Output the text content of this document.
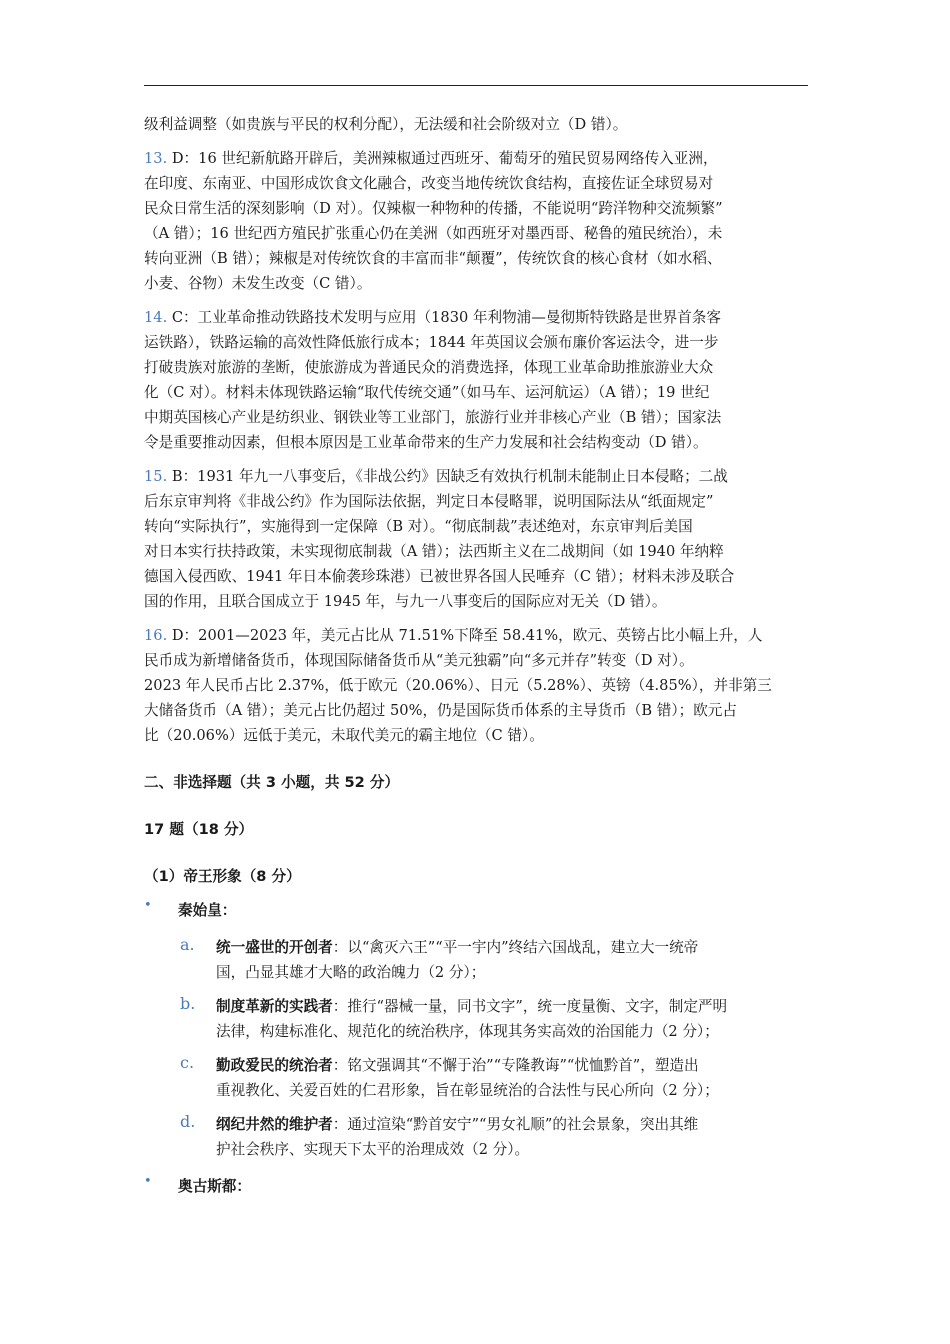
级利益调整（如贵族与平民的权利分配），无法缓和社会阶级对立（D 错）。

13. D：16 世纪新航路开辟后，美洲辣椒通过西班牙、葡萄牙的殖民贸易网络传入亚洲，

在印度、东南亚、中国形成饮食文化融合，改变当地传统饮食结构，直接佐证全球贸易对

民众日常生活的深刻影响（D 对）。仅辣椒一种物种的传播，不能说明“跨洋物种交流频繁”

（A 错）；16 世纪西方殖民扩张重心仍在美洲（如西班牙对墨西哥、秘鲁的殖民统治），未

转向亚洲（B 错）；辣椒是对传统饮食的丰富而非“颠覆”，传统饮食的核心食材（如水稻、

小麦、谷物）未发生改变（C 错）。

14. C：工业革命推动铁路技术发明与应用（1830 年利物浦—曼彻斯特铁路是世界首条客

运铁路），铁路运输的高效性降低旅行成本；1844 年英国议会颁布廉价客运法令，进一步

打破贵族对旅游的垄断，使旅游成为普通民众的消费选择，体现工业革命助推旅游业大众

化（C 对）。材料未体现铁路运输“取代传统交通”（如马车、运河航运）（A 错）；19 世纪

中期英国核心产业是纺织业、钢铁业等工业部门，旅游行业并非核心产业（B 错）；国家法

令是重要推动因素，但根本原因是工业革命带来的生产力发展和社会结构变动（D 错）。

15. B：1931 年九一八事变后，《非战公约》因缺乏有效执行机制未能制止日本侵略；二战

后东京审判将《非战公约》作为国际法依据，判定日本侵略罪，说明国际法从“纸面规定”

转向“实际执行”，实施得到一定保障（B 对）。“彻底制裁”表述绝对，东京审判后美国

对日本实行扶持政策，未实现彻底制裁（A 错）；法西斯主义在二战期间（如 1940 年纳粹

德国入侵西欧、1941 年日本偷袭珍珠港）已被世界各国人民唾弃（C 错）；材料未涉及联合

国的作用，且联合国成立于 1945 年，与九一八事变后的国际应对无关（D 错）。

16. D：2001—2023 年，美元占比从 71.51%下降至 58.41%，欧元、英镑占比小幅上升，人

民币成为新增储备货币，体现国际储备货币从“美元独霸”向“多元并存”转变（D 对）。

2023 年人民币占比 2.37%，低于欧元（20.06%）、日元（5.28%）、英镑（4.85%），并非第三

大储备货币（A 错）；美元占比仍超过 50%，仍是国际货币体系的主导货币（B 错）；欧元占

比（20.06%）远低于美元，未取代美元的霸主地位（C 错）。

二、非选择题（共 3 小题，共 52 分）

17 题（18 分）

（1）帝王形象（8 分）

• 秦始皇：

a. 统一盛世的开创者：以“禽灭六王”“平一宇内”终结六国战乱，建立大一统帝

国，凸显其雄才大略的政治魄力（2 分）；

b. 制度革新的实践者：推行“器械一量，同书文字”，统一度量衡、文字，制定严明

法律，构建标准化、规范化的统治秩序，体现其务实高效的治国能力（2 分）；

c. 勤政爱民的统治者：铭文强调其“不懈于治”“专隆教诲”“忧恤黔首”，塑造出

重视教化、关爱百姓的仁君形象，旨在彰显统治的合法性与民心所向（2 分）；

d. 纲纪井然的维护者：通过渲染“黔首安宁”“男女礼顺”的社会景象，突出其维

护社会秩序、实现天下太平的治理成效（2 分）。

• 奥古斯都：
